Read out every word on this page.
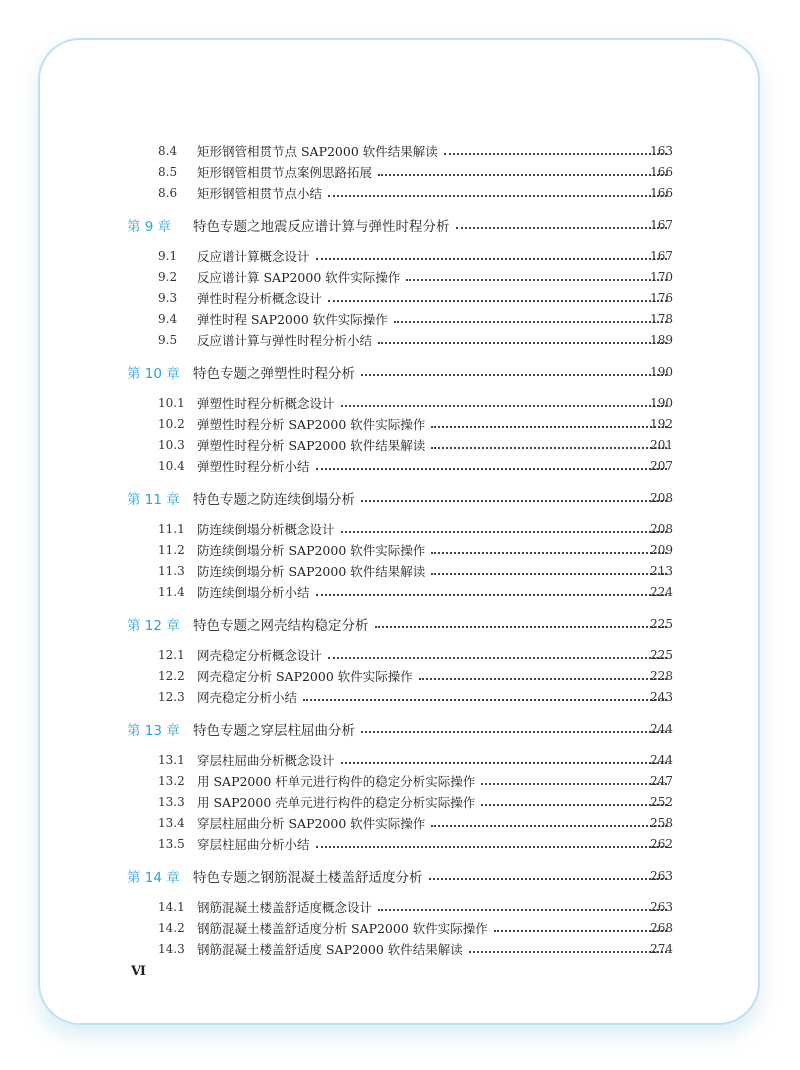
8.4 矩形钢管相贯节点 SAP2000 软件结果解读	163
8.5 矩形钢管相贯节点案例思路拓展	166
8.6 矩形钢管相贯节点小结	166
第 9 章 特色专题之地震反应谱计算与弹性时程分析	167
9.1 反应谱计算概念设计	167
9.2 反应谱计算 SAP2000 软件实际操作	170
9.3 弹性时程分析概念设计	176
9.4 弹性时程 SAP2000 软件实际操作	178
9.5 反应谱计算与弹性时程分析小结	189
第 10 章 特色专题之弹塑性时程分析	190
10.1 弹塑性时程分析概念设计	190
10.2 弹塑性时程分析 SAP2000 软件实际操作	192
10.3 弹塑性时程分析 SAP2000 软件结果解读	201
10.4 弹塑性时程分析小结	207
第 11 章 特色专题之防连续倒塌分析	208
11.1 防连续倒塌分析概念设计	208
11.2 防连续倒塌分析 SAP2000 软件实际操作	209
11.3 防连续倒塌分析 SAP2000 软件结果解读	213
11.4 防连续倒塌分析小结	224
第 12 章 特色专题之网壳结构稳定分析	225
12.1 网壳稳定分析概念设计	225
12.2 网壳稳定分析 SAP2000 软件实际操作	228
12.3 网壳稳定分析小结	243
第 13 章 特色专题之穿层柱屈曲分析	244
13.1 穿层柱屈曲分析概念设计	244
13.2 用 SAP2000 杆单元进行构件的稳定分析实际操作	247
13.3 用 SAP2000 壳单元进行构件的稳定分析实际操作	252
13.4 穿层柱屈曲分析 SAP2000 软件实际操作	258
13.5 穿层柱屈曲分析小结	262
第 14 章 特色专题之钢筋混凝土楼盖舒适度分析	263
14.1 钢筋混凝土楼盖舒适度概念设计	263
14.2 钢筋混凝土楼盖舒适度分析 SAP2000 软件实际操作	268
14.3 钢筋混凝土楼盖舒适度 SAP2000 软件结果解读	274
Ⅵ
